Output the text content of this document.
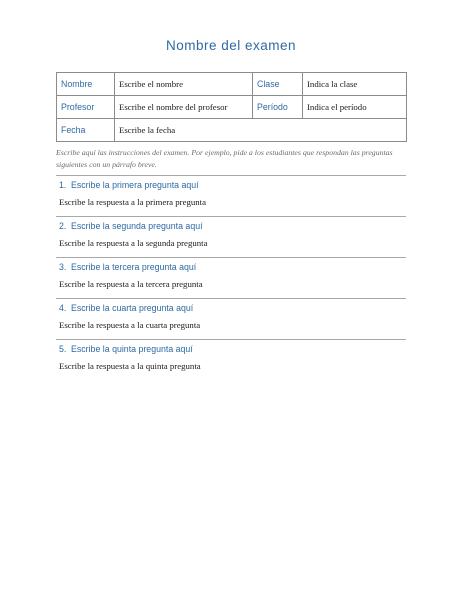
Nombre del examen
Nombre	Escribe el nombre	Clase	Indica la clase
Profesor	Escribe el nombre del profesor	Período	Indica el período
Fecha	Escribe la fecha		

Escribe aquí las instrucciones del examen. Por ejemplo, pide a los estudiantes que respondan las preguntas siguientes con un párrafo breve.

1. Escribe la primera pregunta aquí
Escribe la respuesta a la primera pregunta
2. Escribe la segunda pregunta aquí
Escribe la respuesta a la segunda pregunta
3. Escribe la tercera pregunta aquí
Escribe la respuesta a la tercera pregunta
4. Escribe la cuarta pregunta aquí
Escribe la respuesta a la cuarta pregunta
5. Escribe la quinta pregunta aquí
Escribe la respuesta a la quinta pregunta
